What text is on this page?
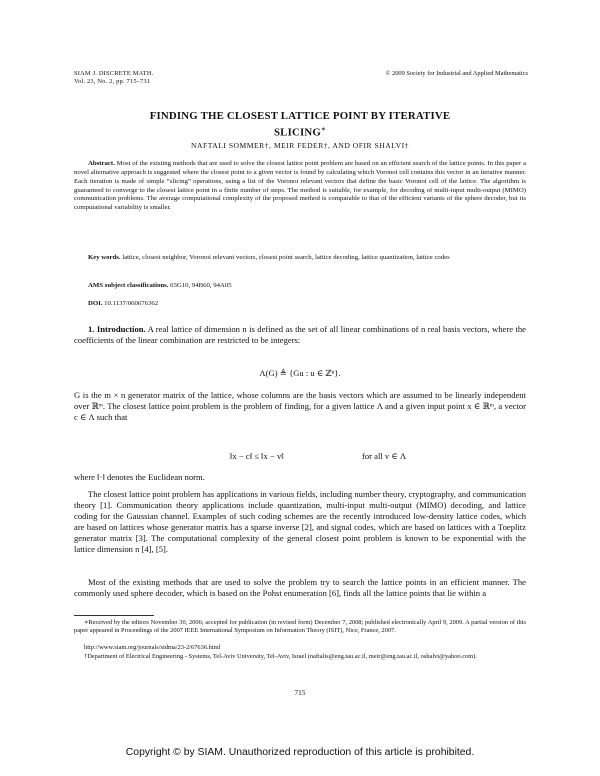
SIAM J. DISCRETE MATH.
Vol. 23, No. 2, pp. 715–731
© 2009 Society for Industrial and Applied Mathematics
FINDING THE CLOSEST LATTICE POINT BY ITERATIVE
SLICING∗
NAFTALI SOMMER†, MEIR FEDER†, AND OFIR SHALVI†
Abstract. Most of the existing methods that are used to solve the closest lattice point problem are based on an efficient search of the lattice points. In this paper a novel alternative approach is suggested where the closest point to a given vector is found by calculating which Voronoi cell contains this vector in an iterative manner. Each iteration is made of simple “slicing” operations, using a list of the Voronoi relevant vectors that define the basic Voronoi cell of the lattice. The algorithm is guaranteed to converge to the closest lattice point in a finite number of steps. The method is suitable, for example, for decoding of multi-input multi-output (MIMO) communication problems. The average computational complexity of the proposed method is comparable to that of the efficient variants of the sphere decoder, but its computational variability is smaller.
Key words. lattice, closest neighbor, Voronoi relevant vectors, closest point search, lattice decoding, lattice quantization, lattice codes
AMS subject classifications. 03G10, 94B60, 94A05
DOI. 10.1137/060676362
1. Introduction. A real lattice of dimension n is defined as the set of all linear combinations of n real basis vectors, where the coefficients of the linear combination are restricted to be integers:
Λ(G) ≜ {Gu : u ∈ ℤⁿ}.
G is the m × n generator matrix of the lattice, whose columns are the basis vectors which are assumed to be linearly independent over ℝᵐ. The closest lattice point problem is the problem of finding, for a given lattice Λ and a given input point x ∈ ℝᵐ, a vector c ∈ Λ such that
‖x − c‖ ≤ ‖x − v‖	for all v ∈ Λ
where ‖·‖ denotes the Euclidean norm.
The closest lattice point problem has applications in various fields, including number theory, cryptography, and communication theory [1]. Communication theory applications include quantization, multi-input multi-output (MIMO) decoding, and lattice coding for the Gaussian channel. Examples of such coding schemes are the recently introduced low-density lattice codes, which are based on lattices whose generator matrix has a sparse inverse [2], and signal codes, which are based on lattices with a Toeplitz generator matrix [3]. The computational complexity of the general closest point problem is known to be exponential with the lattice dimension n [4], [5].
Most of the existing methods that are used to solve the problem try to search the lattice points in an efficient manner. The commonly used sphere decoder, which is based on the Pohst enumeration [6], finds all the lattice points that lie within a
∗Received by the editors November 30, 2006; accepted for publication (in revised form) December 7, 2008; published electronically April 9, 2009. A partial version of this paper appeared in Proceedings of the 2007 IEEE International Symposium on Information Theory (ISIT), Nice, France, 2007.
http://www.siam.org/journals/sidma/23-2/67636.html
†Department of Electrical Engineering - Systems, Tel-Aviv University, Tel-Aviv, Israel (naftalis@eng.tau.ac.il, meir@eng.tau.ac.il, oshalvi@yahoo.com).
715
Copyright © by SIAM. Unauthorized reproduction of this article is prohibited.
